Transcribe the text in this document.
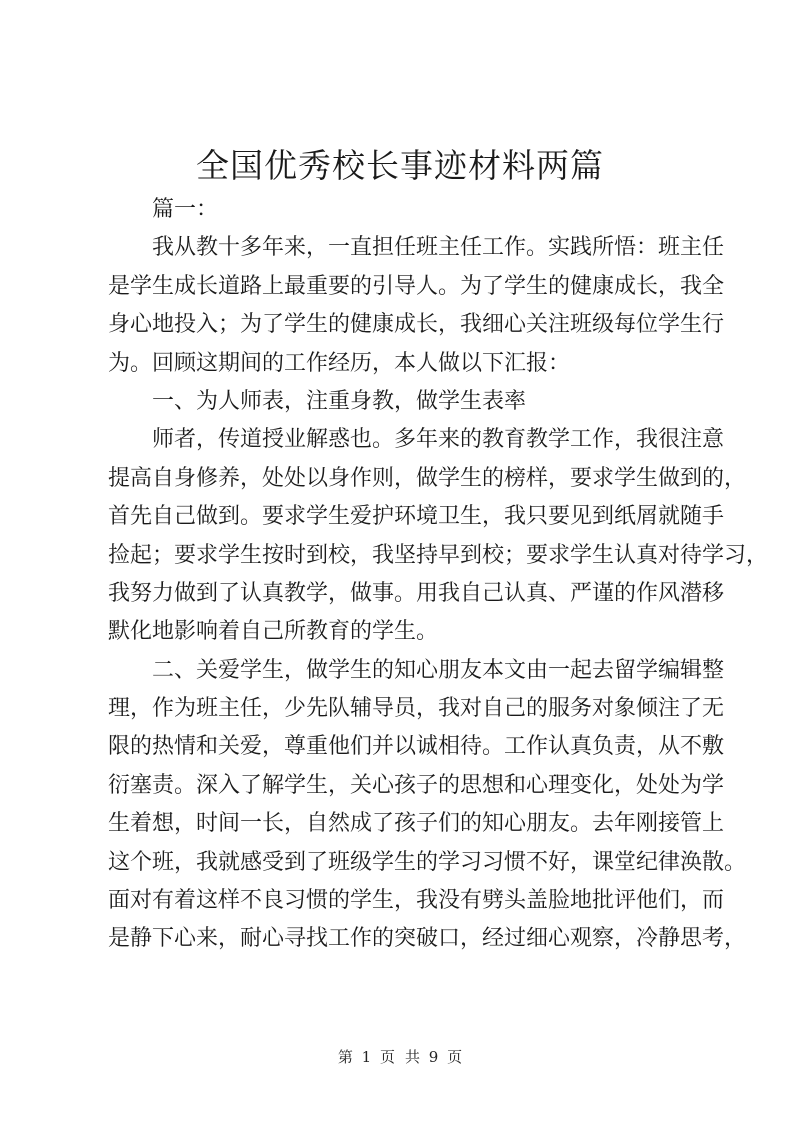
全国优秀校长事迹材料两篇
篇一：
我从教十多年来，一直担任班主任工作。实践所悟：班主任
是学生成长道路上最重要的引导人。为了学生的健康成长，我全
身心地投入；为了学生的健康成长，我细心关注班级每位学生行
为。回顾这期间的工作经历，本人做以下汇报：
一、为人师表，注重身教，做学生表率
师者，传道授业解惑也。多年来的教育教学工作，我很注意
提高自身修养，处处以身作则，做学生的榜样，要求学生做到的，
首先自己做到。要求学生爱护环境卫生，我只要见到纸屑就随手
捡起；要求学生按时到校，我坚持早到校；要求学生认真对待学习，
我努力做到了认真教学，做事。用我自己认真、严谨的作风潜移
默化地影响着自己所教育的学生。
二、关爱学生，做学生的知心朋友本文由一起去留学编辑整
理，作为班主任，少先队辅导员，我对自己的服务对象倾注了无
限的热情和关爱，尊重他们并以诚相待。工作认真负责，从不敷
衍塞责。深入了解学生，关心孩子的思想和心理变化，处处为学
生着想，时间一长，自然成了孩子们的知心朋友。去年刚接管上
这个班，我就感受到了班级学生的学习习惯不好，课堂纪律涣散。
面对有着这样不良习惯的学生，我没有劈头盖脸地批评他们，而
是静下心来，耐心寻找工作的突破口，经过细心观察，冷静思考，
第 1 页 共 9 页
